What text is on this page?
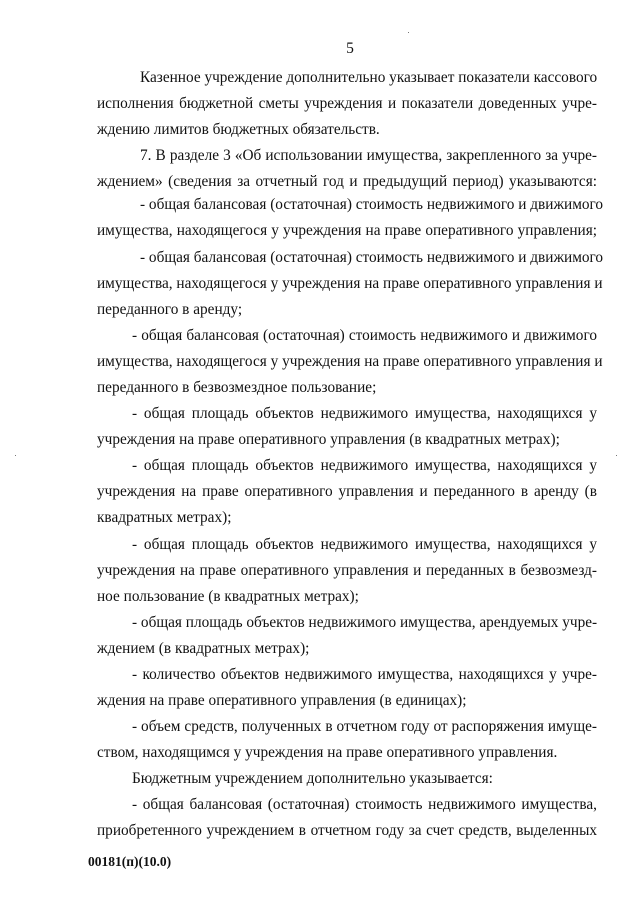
5
Казенное учреждение дополнительно указывает показатели кассового
исполнения бюджетной сметы учреждения и показатели доведенных учре-
ждению лимитов бюджетных обязательств.
7. В разделе 3 «Об использовании имущества, закрепленного за учре-
ждением» (сведения за отчетный год и предыдущий период) указываются:
- общая балансовая (остаточная) стоимость недвижимого и движимого
имущества, находящегося у учреждения на праве оперативного управления;
- общая балансовая (остаточная) стоимость недвижимого и движимого
имущества, находящегося у учреждения на праве оперативного управления и
переданного в аренду;
- общая балансовая (остаточная) стоимость недвижимого и движимого
имущества, находящегося у учреждения на праве оперативного управления и
переданного в безвозмездное пользование;
- общая площадь объектов недвижимого имущества, находящихся у
учреждения на праве оперативного управления (в квадратных метрах);
- общая площадь объектов недвижимого имущества, находящихся у
учреждения на праве оперативного управления и переданного в аренду (в
квадратных метрах);
- общая площадь объектов недвижимого имущества, находящихся у
учреждения на праве оперативного управления и переданных в безвозмезд-
ное пользование (в квадратных метрах);
- общая площадь объектов недвижимого имущества, арендуемых учре-
ждением (в квадратных метрах);
- количество объектов недвижимого имущества, находящихся у учре-
ждения на праве оперативного управления (в единицах);
- объем средств, полученных в отчетном году от распоряжения имуще-
ством, находящимся у учреждения на праве оперативного управления.
Бюджетным учреждением дополнительно указывается:
- общая балансовая (остаточная) стоимость недвижимого имущества,
приобретенного учреждением в отчетном году за счет средств, выделенных
00181(п)(10.0)
